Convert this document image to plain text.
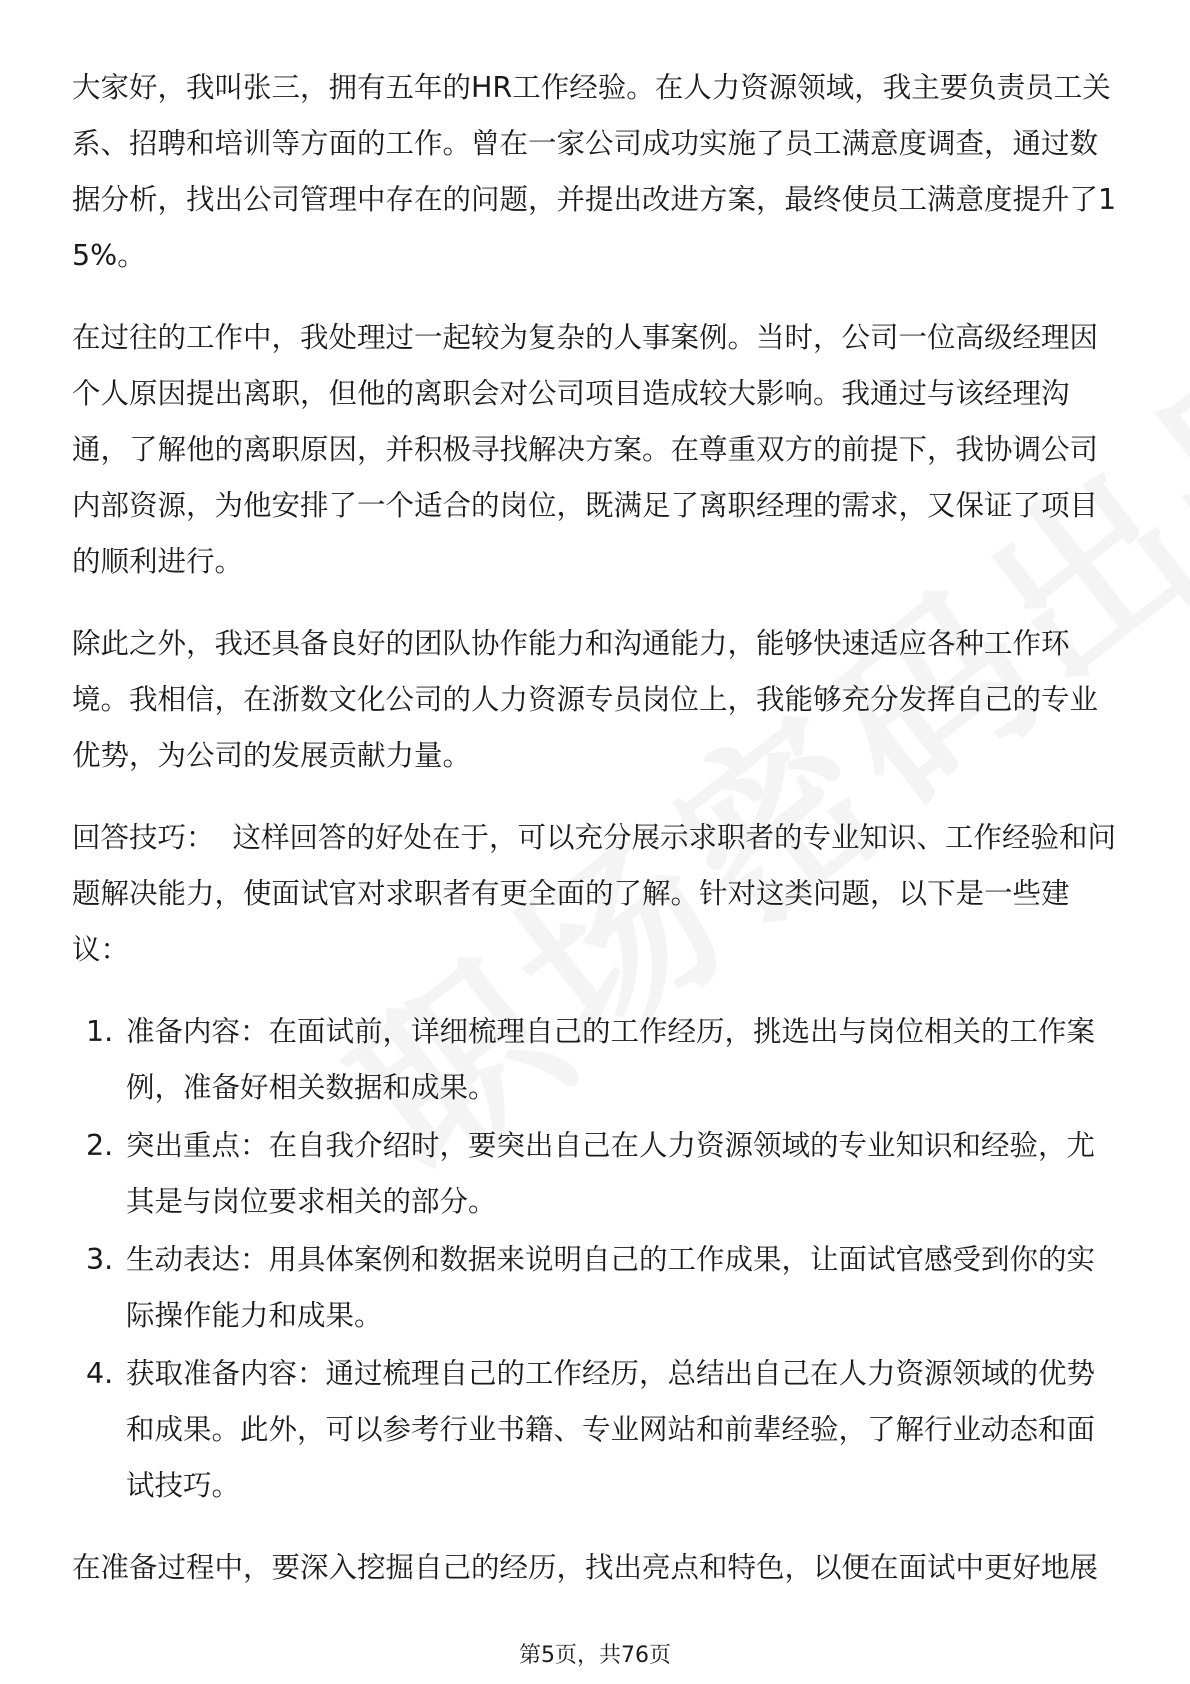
大家好，我叫张三，拥有五年的HR工作经验。在人力资源领域，我主要负责员工关系、招聘和培训等方面的工作。曾在一家公司成功实施了员工满意度调查，通过数据分析，找出公司管理中存在的问题，并提出改进方案，最终使员工满意度提升了15%。

在过往的工作中，我处理过一起较为复杂的人事案例。当时，公司一位高级经理因个人原因提出离职，但他的离职会对公司项目造成较大影响。我通过与该经理沟通，了解他的离职原因，并积极寻找解决方案。在尊重双方的前提下，我协调公司内部资源，为他安排了一个适合的岗位，既满足了离职经理的需求，又保证了项目的顺利进行。

除此之外，我还具备良好的团队协作能力和沟通能力，能够快速适应各种工作环境。我相信，在浙数文化公司的人力资源专员岗位上，我能够充分发挥自己的专业优势，为公司的发展贡献力量。

回答技巧： 这样回答的好处在于，可以充分展示求职者的专业知识、工作经验和问题解决能力，使面试官对求职者有更全面的了解。针对这类问题，以下是一些建议：

1. 准备内容：在面试前，详细梳理自己的工作经历，挑选出与岗位相关的工作案例，准备好相关数据和成果。
2. 突出重点：在自我介绍时，要突出自己在人力资源领域的专业知识和经验，尤其是与岗位要求相关的部分。
3. 生动表达：用具体案例和数据来说明自己的工作成果，让面试官感受到你的实际操作能力和成果。
4. 获取准备内容：通过梳理自己的工作经历，总结出自己在人力资源领域的优势和成果。此外，可以参考行业书籍、专业网站和前辈经验，了解行业动态和面试技巧。

在准备过程中，要深入挖掘自己的经历，找出亮点和特色，以便在面试中更好地展

第5页，共76页
